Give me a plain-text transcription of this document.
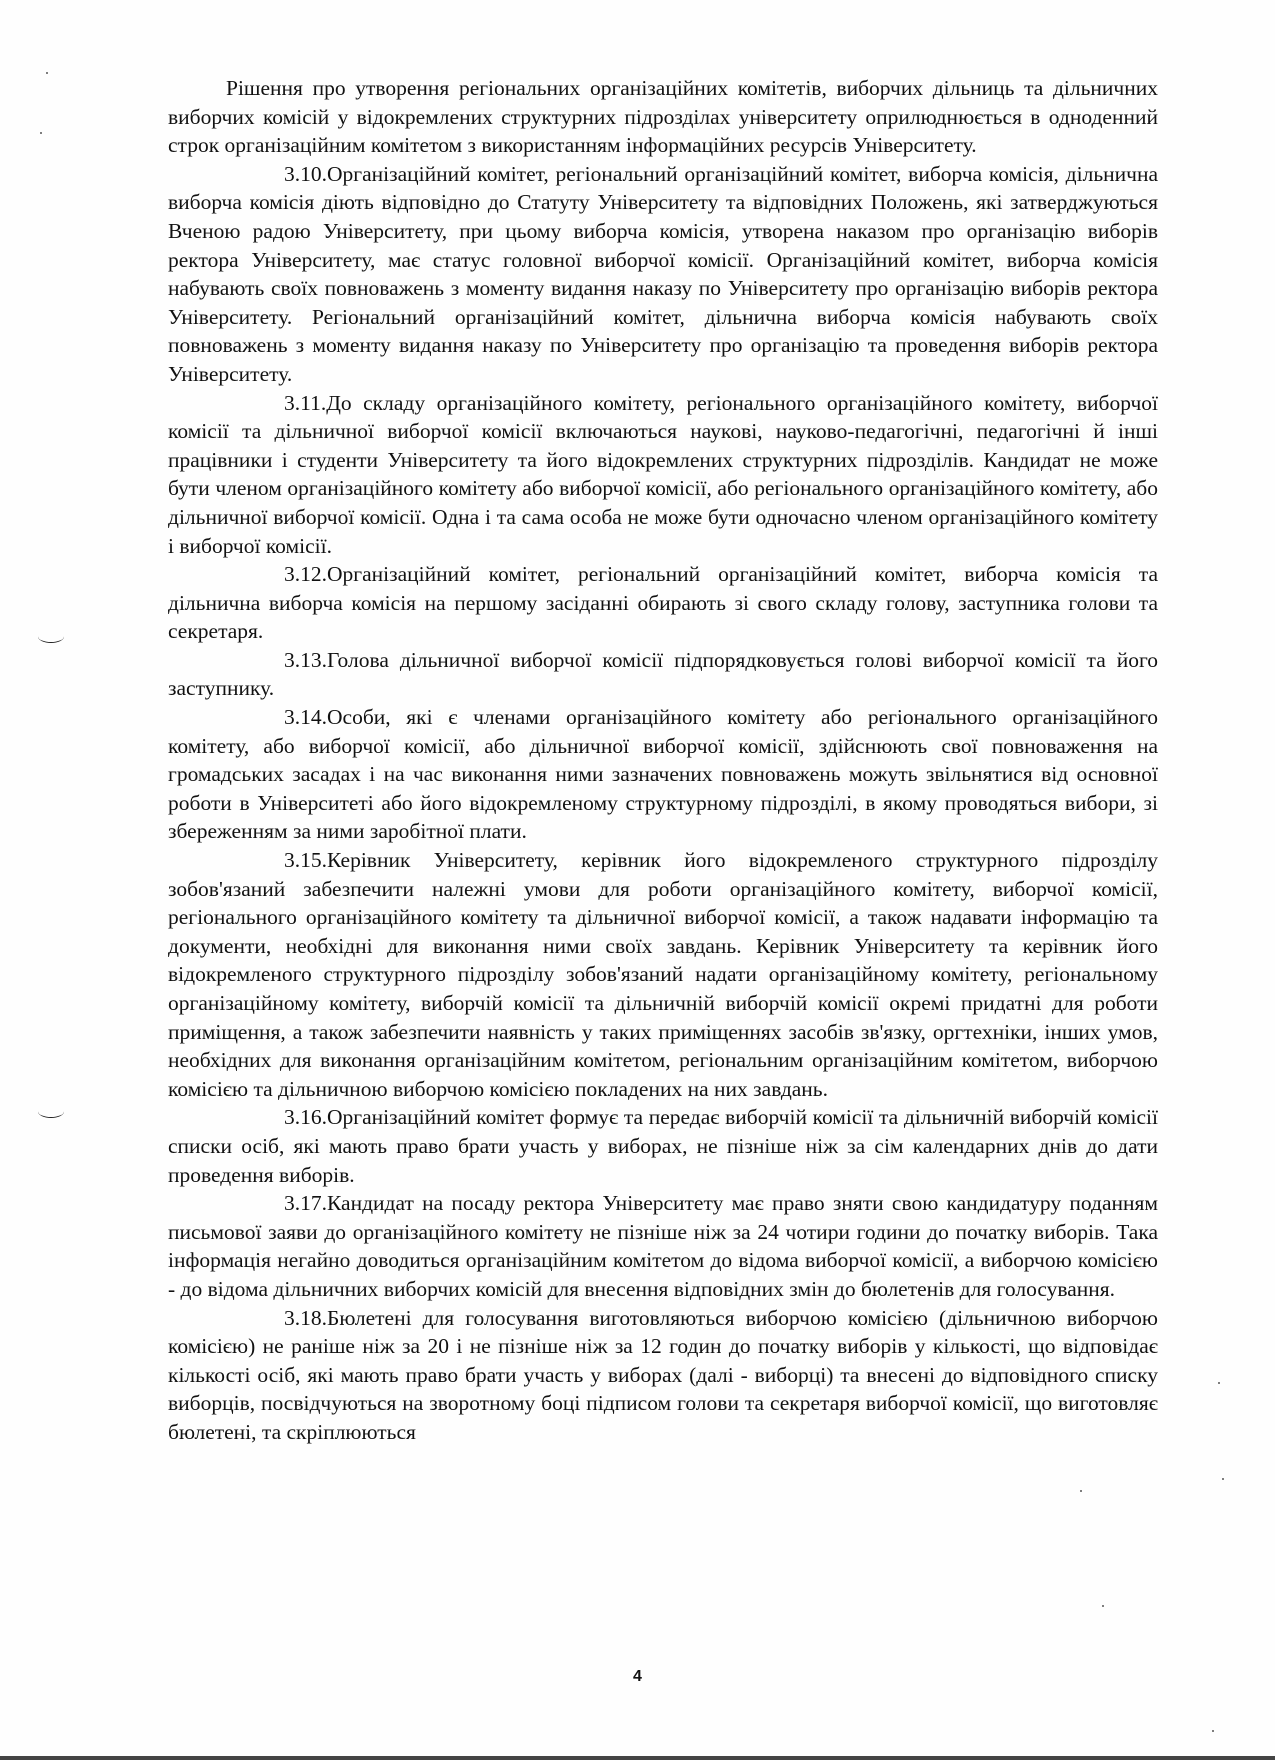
Рішення про утворення регіональних організаційних комітетів, виборчих дільниць та дільничних виборчих комісій у відокремлених структурних підрозділах університету оприлюднюється в одноденний строк організаційним комітетом з використанням інформаційних ресурсів Університету.

3.10.Організаційний комітет, регіональний організаційний комітет, виборча комісія, дільнична виборча комісія діють відповідно до Статуту Університету та відповідних Положень, які затверджуються Вченою радою Університету, при цьому виборча комісія, утворена наказом про організацію виборів ректора Університету, має статус головної виборчої комісії. Організаційний комітет, виборча комісія набувають своїх повноважень з моменту видання наказу по Університету про організацію виборів ректора Університету. Регіональний організаційний комітет, дільнична виборча комісія набувають своїх повноважень з моменту видання наказу по Університету про організацію та проведення виборів ректора Університету.

3.11.До складу організаційного комітету, регіонального організаційного комітету, виборчої комісії та дільничної виборчої комісії включаються наукові, науково-педагогічні, педагогічні й інші працівники і студенти Університету та його відокремлених структурних підрозділів. Кандидат не може бути членом організаційного комітету або виборчої комісії, або регіонального організаційного комітету, або дільничної виборчої комісії. Одна і та сама особа не може бути одночасно членом організаційного комітету і виборчої комісії.

3.12.Організаційний комітет, регіональний організаційний комітет, виборча комісія та дільнична виборча комісія на першому засіданні обирають зі свого складу голову, заступника голови та секретаря.

3.13.Голова дільничної виборчої комісії підпорядковується голові виборчої комісії та його заступнику.

3.14.Особи, які є членами організаційного комітету або регіонального організаційного комітету, або виборчої комісії, або дільничної виборчої комісії, здійснюють свої повноваження на громадських засадах і на час виконання ними зазначених повноважень можуть звільнятися від основної роботи в Університеті або його відокремленому структурному підрозділі, в якому проводяться вибори, зі збереженням за ними заробітної плати.

3.15.Керівник Університету, керівник його відокремленого структурного підрозділу зобов'язаний забезпечити належні умови для роботи організаційного комітету, виборчої комісії, регіонального організаційного комітету та дільничної виборчої комісії, а також надавати інформацію та документи, необхідні для виконання ними своїх завдань. Керівник Університету та керівник його відокремленого структурного підрозділу зобов'язаний надати організаційному комітету, регіональному організаційному комітету, виборчій комісії та дільничній виборчій комісії окремі придатні для роботи приміщення, а також забезпечити наявність у таких приміщеннях засобів зв'язку, оргтехніки, інших умов, необхідних для виконання організаційним комітетом, регіональним організаційним комітетом, виборчою комісією та дільничною виборчою комісією покладених на них завдань.

3.16.Організаційний комітет формує та передає виборчій комісії та дільничній виборчій комісії списки осіб, які мають право брати участь у виборах, не пізніше ніж за сім календарних днів до дати проведення виборів.

3.17.Кандидат на посаду ректора Університету має право зняти свою кандидатуру поданням письмової заяви до організаційного комітету не пізніше ніж за 24 чотири години до початку виборів. Така інформація негайно доводиться організаційним комітетом до відома виборчої комісії, а виборчою комісією - до відома дільничних виборчих комісій для внесення відповідних змін до бюлетенів для голосування.

3.18.Бюлетені для голосування виготовляються виборчою комісією (дільничною виборчою комісією) не раніше ніж за 20 і не пізніше ніж за 12 годин до початку виборів у кількості, що відповідає кількості осіб, які мають право брати участь у виборах (далі - виборці) та внесені до відповідного списку виборців, посвідчуються на зворотному боці підписом голови та секретаря виборчої комісії, що виготовляє бюлетені, та скріплюються

4
